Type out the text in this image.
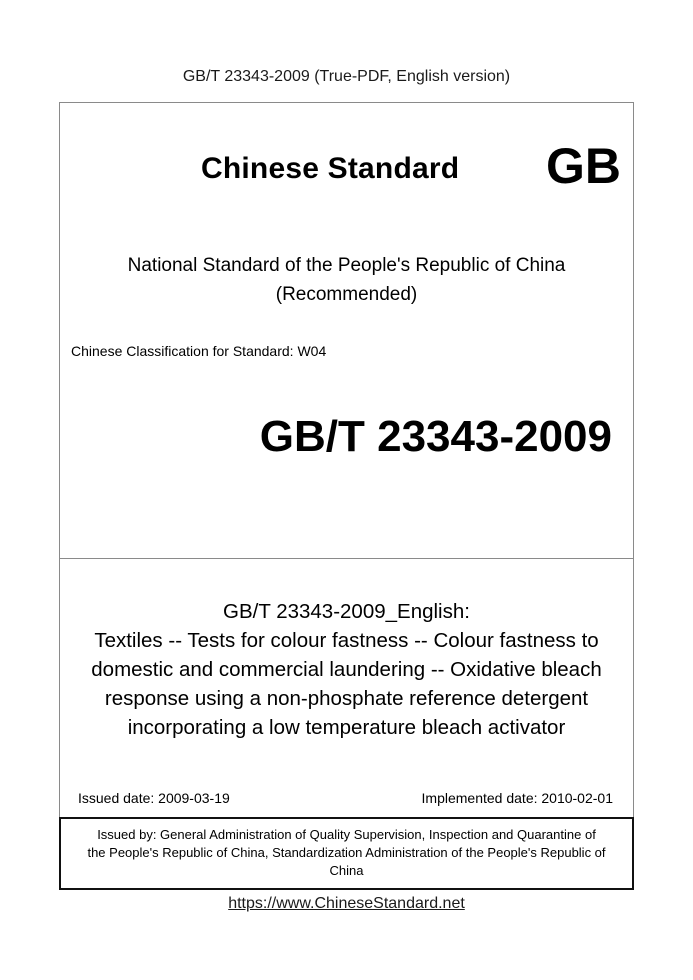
GB/T 23343-2009 (True-PDF, English version)
Chinese Standard GB
National Standard of the People's Republic of China
(Recommended)
Chinese Classification for Standard: W04
GB/T 23343-2009
GB/T 23343-2009_English:
Textiles -- Tests for colour fastness -- Colour fastness to
domestic and commercial laundering -- Oxidative bleach
response using a non-phosphate reference detergent
incorporating a low temperature bleach activator
Issued date: 2009-03-19	Implemented date: 2010-02-01
Issued by: General Administration of Quality Supervision, Inspection and Quarantine of
the People's Republic of China, Standardization Administration of the People's Republic of
China
https://www.ChineseStandard.net
